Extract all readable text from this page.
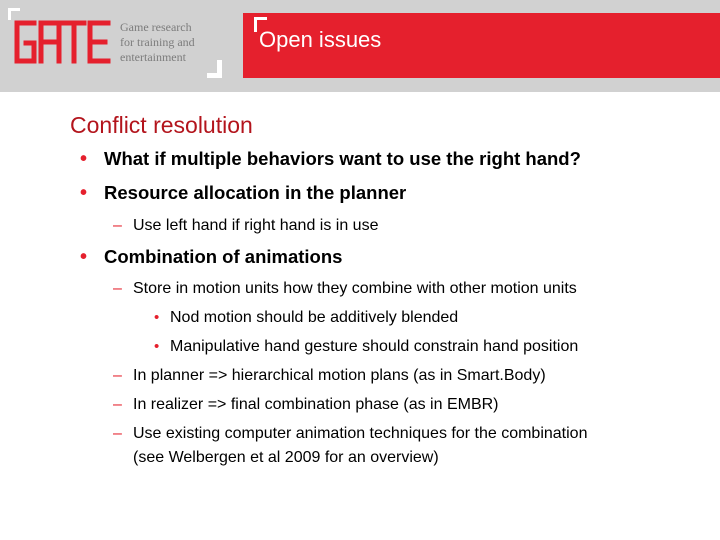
Game research
for training and
entertainment
Open issues
Conflict resolution
• What if multiple behaviors want to use the right hand?
• Resource allocation in the planner
– Use left hand if right hand is in use
• Combination of animations
– Store in motion units how they combine with other motion units
• Nod motion should be additively blended
• Manipulative hand gesture should constrain hand position
– In planner => hierarchical motion plans (as in Smart.Body)
– In realizer => final combination phase (as in EMBR)
– Use existing computer animation techniques for the combination
(see Welbergen et al 2009 for an overview)
